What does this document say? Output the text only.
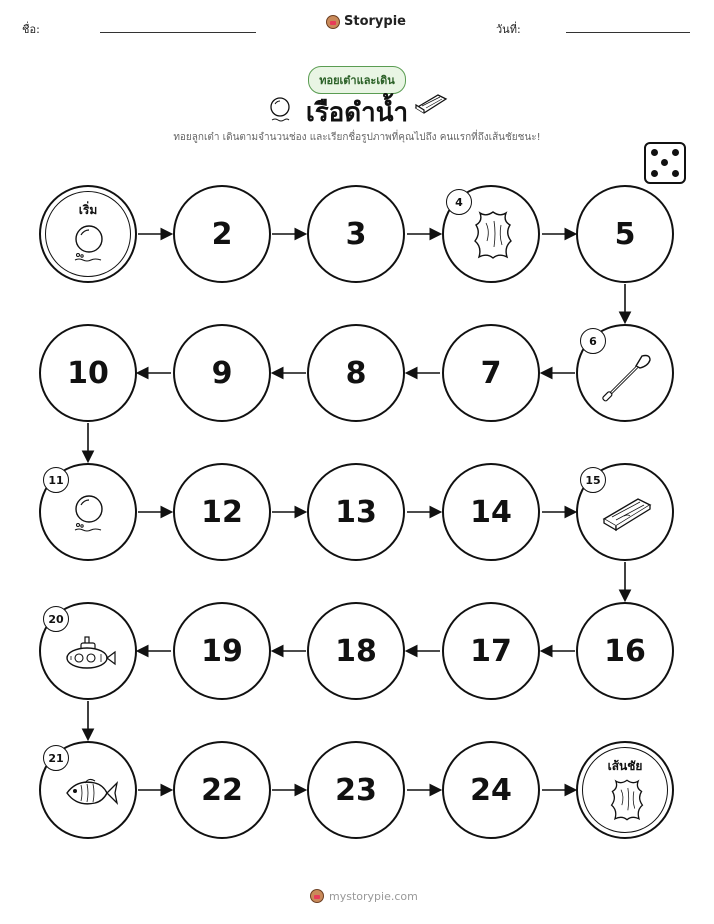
ชื่อ:
Storypie
วันที่:
ทอยเต๋าและเดิน
เรือดำน้ำ
ทอยลูกเต๋า เดินตามจำนวนช่อง และเรียกชื่อรูปภาพที่คุณไปถึง คนแรกที่ถึงเส้นชัยชนะ!
เริ่ม
2	3
4
5
10	9	8	7
6
11
12	13	14
15
20
19	18	17	16
21
22	23	24
เส้นชัย
mystorypie.com
